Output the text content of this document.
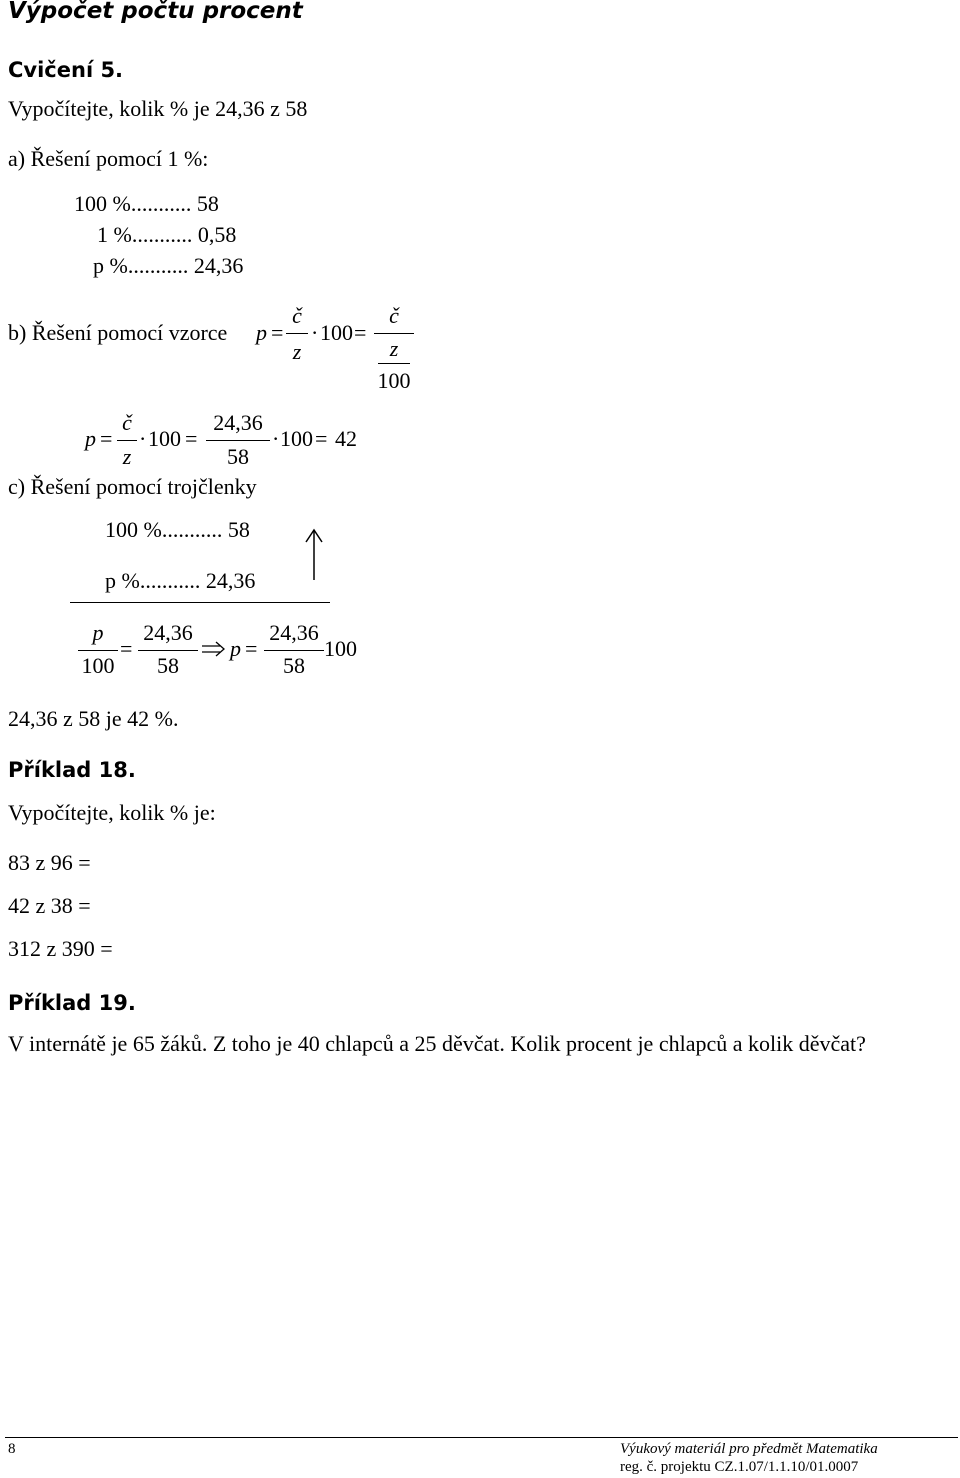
Výpočet počtu procent
Cvičení 5.
Vypočítejte, kolik % je 24,36 z 58
a) Řešení pomocí 1 %:
100 %........... 58
1 %........... 0,58
p %........... 24,36
b) Řešení pomocí vzorce p =
č
z
· 100 =
č
z
100
p =
č
z
· 100 =
24,36
58
· 100 = 42
c) Řešení pomocí trojčlenky
100 %........... 58
p %........... 24,36
p
100
=
24,36
58
p =
24,36
58
100
24,36 z 58 je 42 %.
Příklad 18.
Vypočítejte, kolik % je:
83 z 96 =
42 z 38 =
312 z 390 =
Příklad 19.
V internátě je 65 žáků. Z toho je 40 chlapců a 25 děvčat. Kolik procent je chlapců a kolik děvčat?
8	Výukový materiál pro předmět Matematika
reg. č. projektu CZ.1.07/1.1.10/01.0007
